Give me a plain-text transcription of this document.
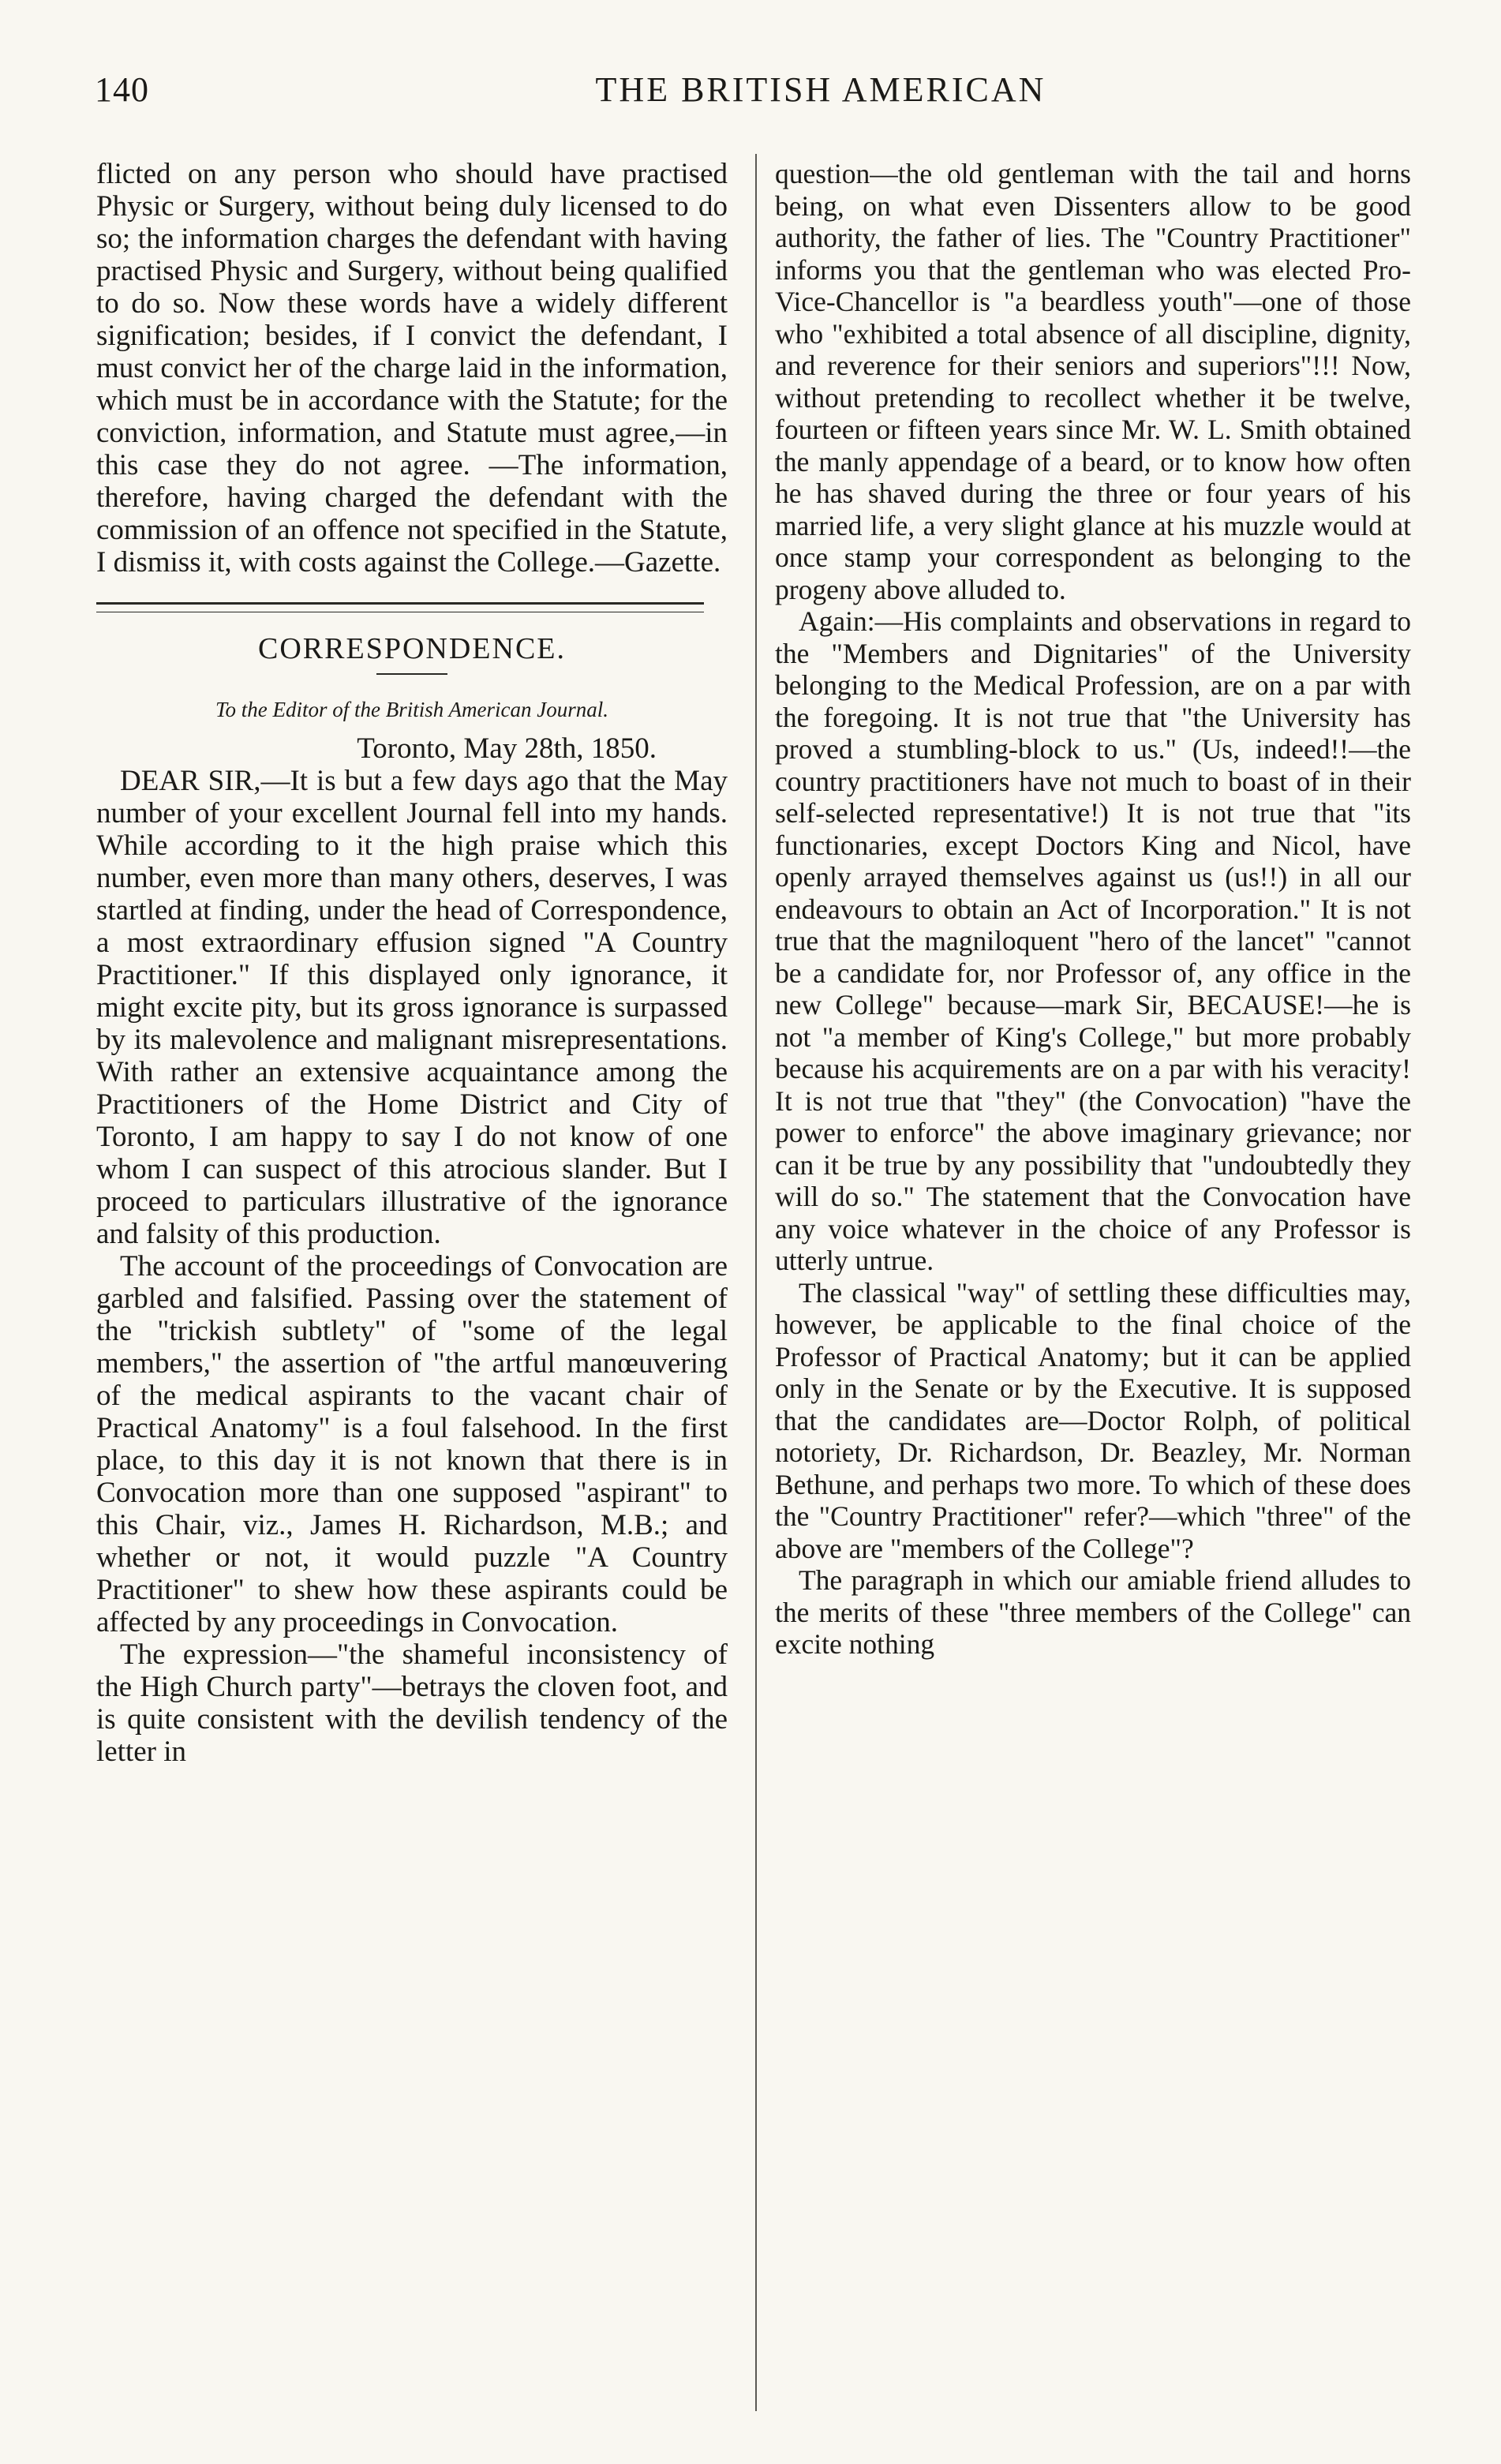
140	THE BRITISH AMERICAN

flicted on any person who should have practised Physic or Surgery, without being duly licensed to do so; the information charges the defendant with having practised Physic and Surgery, without being qualified to do so. Now these words have a widely different signification; besides, if I convict the defendant, I must convict her of the charge laid in the information, which must be in accordance with the Statute; for the conviction, information, and Statute must agree,—in this case they do not agree. —The information, therefore, having charged the defendant with the commission of an offence not specified in the Statute, I dismiss it, with costs against the College.—Gazette.

CORRESPONDENCE.

To the Editor of the British American Journal.

Toronto, May 28th, 1850.

DEAR SIR,—It is but a few days ago that the May number of your excellent Journal fell into my hands. While according to it the high praise which this number, even more than many others, deserves, I was startled at finding, under the head of Correspondence, a most extraordinary effusion signed "A Country Practitioner." If this displayed only ignorance, it might excite pity, but its gross ignorance is surpassed by its malevolence and malignant misrepresentations. With rather an extensive acquaintance among the Practitioners of the Home District and City of Toronto, I am happy to say I do not know of one whom I can suspect of this atrocious slander. But I proceed to particulars illustrative of the ignorance and falsity of this production.

The account of the proceedings of Convocation are garbled and falsified. Passing over the statement of the "trickish subtlety" of "some of the legal members," the assertion of "the artful manœuvering of the medical aspirants to the vacant chair of Practical Anatomy" is a foul falsehood. In the first place, to this day it is not known that there is in Convocation more than one supposed "aspirant" to this Chair, viz., James H. Richardson, M.B.; and whether or not, it would puzzle "A Country Practitioner" to shew how these aspirants could be affected by any proceedings in Convocation.

The expression—"the shameful inconsistency of the High Church party"—betrays the cloven foot, and is quite consistent with the devilish tendency of the letter in

question—the old gentleman with the tail and horns being, on what even Dissenters allow to be good authority, the father of lies. The "Country Practitioner" informs you that the gentleman who was elected Pro-Vice-Chancellor is "a beardless youth"—one of those who "exhibited a total absence of all discipline, dignity, and reverence for their seniors and superiors"!!! Now, without pretending to recollect whether it be twelve, fourteen or fifteen years since Mr. W. L. Smith obtained the manly appendage of a beard, or to know how often he has shaved during the three or four years of his married life, a very slight glance at his muzzle would at once stamp your correspondent as belonging to the progeny above alluded to.

Again:—His complaints and observations in regard to the "Members and Dignitaries" of the University belonging to the Medical Profession, are on a par with the foregoing. It is not true that "the University has proved a stumbling-block to us." (Us, indeed!!—the country practitioners have not much to boast of in their self-selected representative!) It is not true that "its functionaries, except Doctors King and Nicol, have openly arrayed themselves against us (us!!) in all our endeavours to obtain an Act of Incorporation." It is not true that the magniloquent "hero of the lancet" "cannot be a candidate for, nor Professor of, any office in the new College" because—mark Sir, BECAUSE!—he is not "a member of King's College," but more probably because his acquirements are on a par with his veracity! It is not true that "they" (the Convocation) "have the power to enforce" the above imaginary grievance; nor can it be true by any possibility that "undoubtedly they will do so." The statement that the Convocation have any voice whatever in the choice of any Professor is utterly untrue.

The classical "way" of settling these difficulties may, however, be applicable to the final choice of the Professor of Practical Anatomy; but it can be applied only in the Senate or by the Executive. It is supposed that the candidates are—Doctor Rolph, of political notoriety, Dr. Richardson, Dr. Beazley, Mr. Norman Bethune, and perhaps two more. To which of these does the "Country Practitioner" refer?—which "three" of the above are "members of the College"?

The paragraph in which our amiable friend alludes to the merits of these "three members of the College" can excite nothing
